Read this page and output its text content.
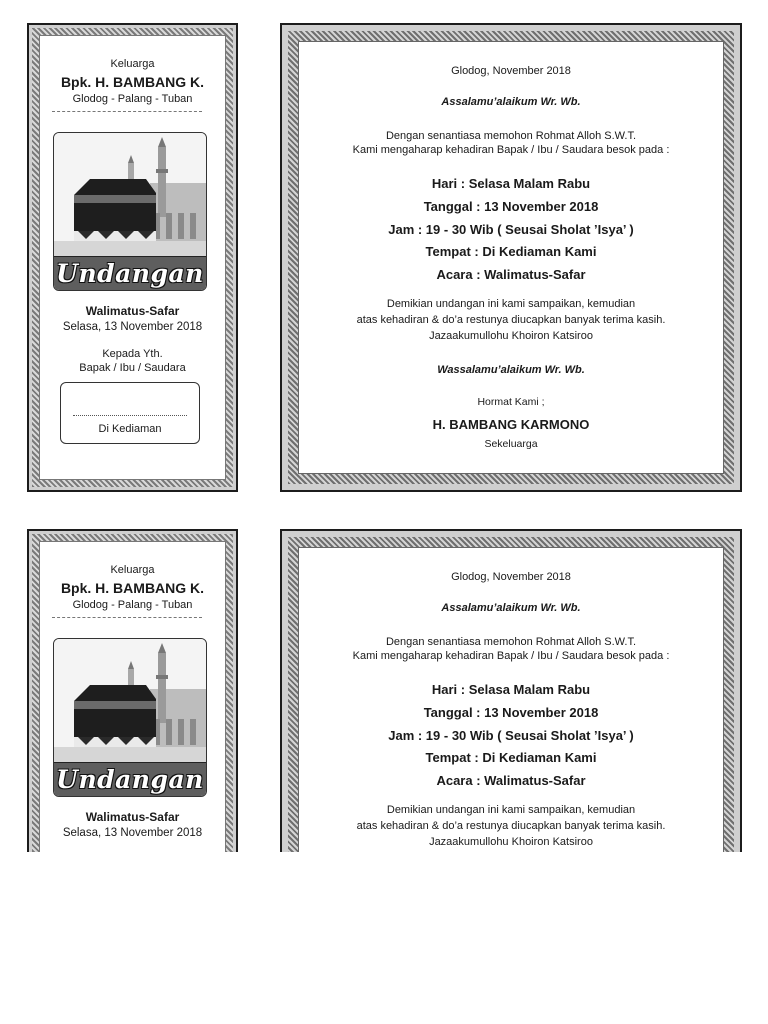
Keluarga
Bpk. H. BAMBANG K.
Glodog - Palang - Tuban
Undangan
Walimatus-Safar
Selasa, 13 November 2018
Kepada Yth.
Bapak / Ibu / Saudara
Di Kediaman
Glodog, November 2018
Assalamu’alaikum Wr. Wb.
Dengan senantiasa memohon Rohmat Alloh S.W.T.
Kami mengaharap kehadiran Bapak / Ibu / Saudara besok pada :
Hari : Selasa Malam Rabu
Tanggal : 13 November 2018
Jam : 19 - 30 Wib ( Seusai Sholat ’Isya’ )
Tempat : Di Kediaman Kami
Acara : Walimatus-Safar
Demikian undangan ini kami sampaikan, kemudian
atas kehadiran & do’a restunya diucapkan banyak terima kasih.
Jazaakumullohu Khoiron Katsiroo
Wassalamu’alaikum Wr. Wb.
Hormat Kami ;
H. BAMBANG KARMONO
Sekeluarga
Keluarga
Bpk. H. BAMBANG K.
Glodog - Palang - Tuban
Undangan
Walimatus-Safar
Selasa, 13 November 2018
Glodog, November 2018
Assalamu’alaikum Wr. Wb.
Dengan senantiasa memohon Rohmat Alloh S.W.T.
Kami mengaharap kehadiran Bapak / Ibu / Saudara besok pada :
Hari : Selasa Malam Rabu
Tanggal : 13 November 2018
Jam : 19 - 30 Wib ( Seusai Sholat ’Isya’ )
Tempat : Di Kediaman Kami
Acara : Walimatus-Safar
Demikian undangan ini kami sampaikan, kemudian
atas kehadiran & do’a restunya diucapkan banyak terima kasih.
Jazaakumullohu Khoiron Katsiroo
